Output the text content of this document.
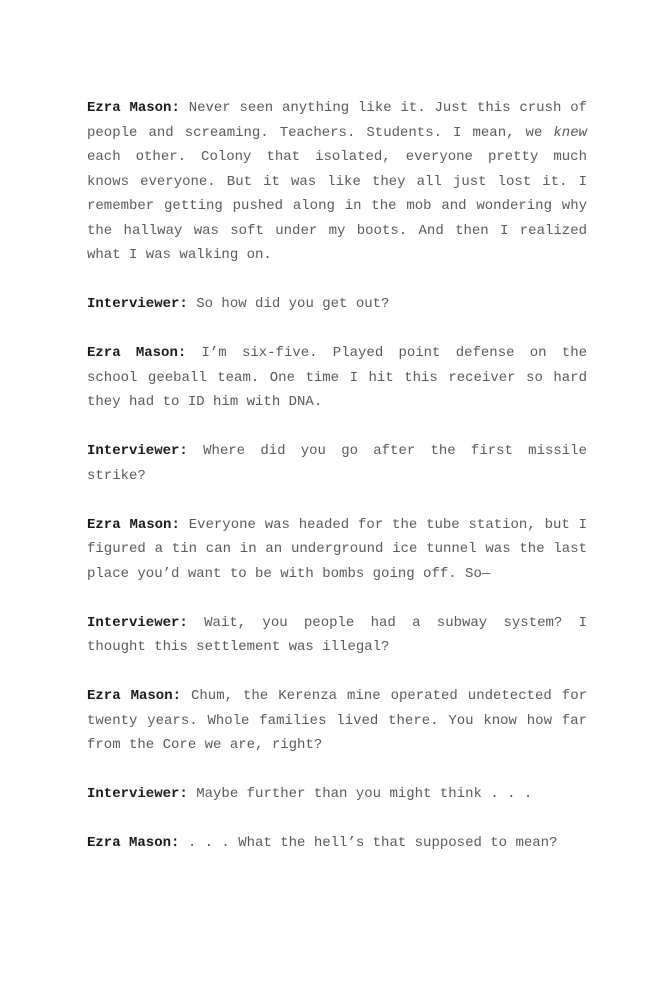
Ezra Mason: Never seen anything like it. Just this crush of people and screaming. Teachers. Students. I mean, we knew each other. Colony that isolated, everyone pretty much knows everyone. But it was like they all just lost it. I remember getting pushed along in the mob and wondering why the hallway was soft under my boots. And then I realized what I was walking on.

Interviewer: So how did you get out?

Ezra Mason: I’m six-five. Played point defense on the school geeball team. One time I hit this receiver so hard they had to ID him with DNA.

Interviewer: Where did you go after the first missile strike?

Ezra Mason: Everyone was headed for the tube station, but I figured a tin can in an underground ice tunnel was the last place you’d want to be with bombs going off. So—

Interviewer: Wait, you people had a subway system? I thought this settlement was illegal?

Ezra Mason: Chum, the Kerenza mine operated undetected for twenty years. Whole families lived there. You know how far from the Core we are, right?

Interviewer: Maybe further than you might think . . .

Ezra Mason: . . . What the hell’s that supposed to mean?
